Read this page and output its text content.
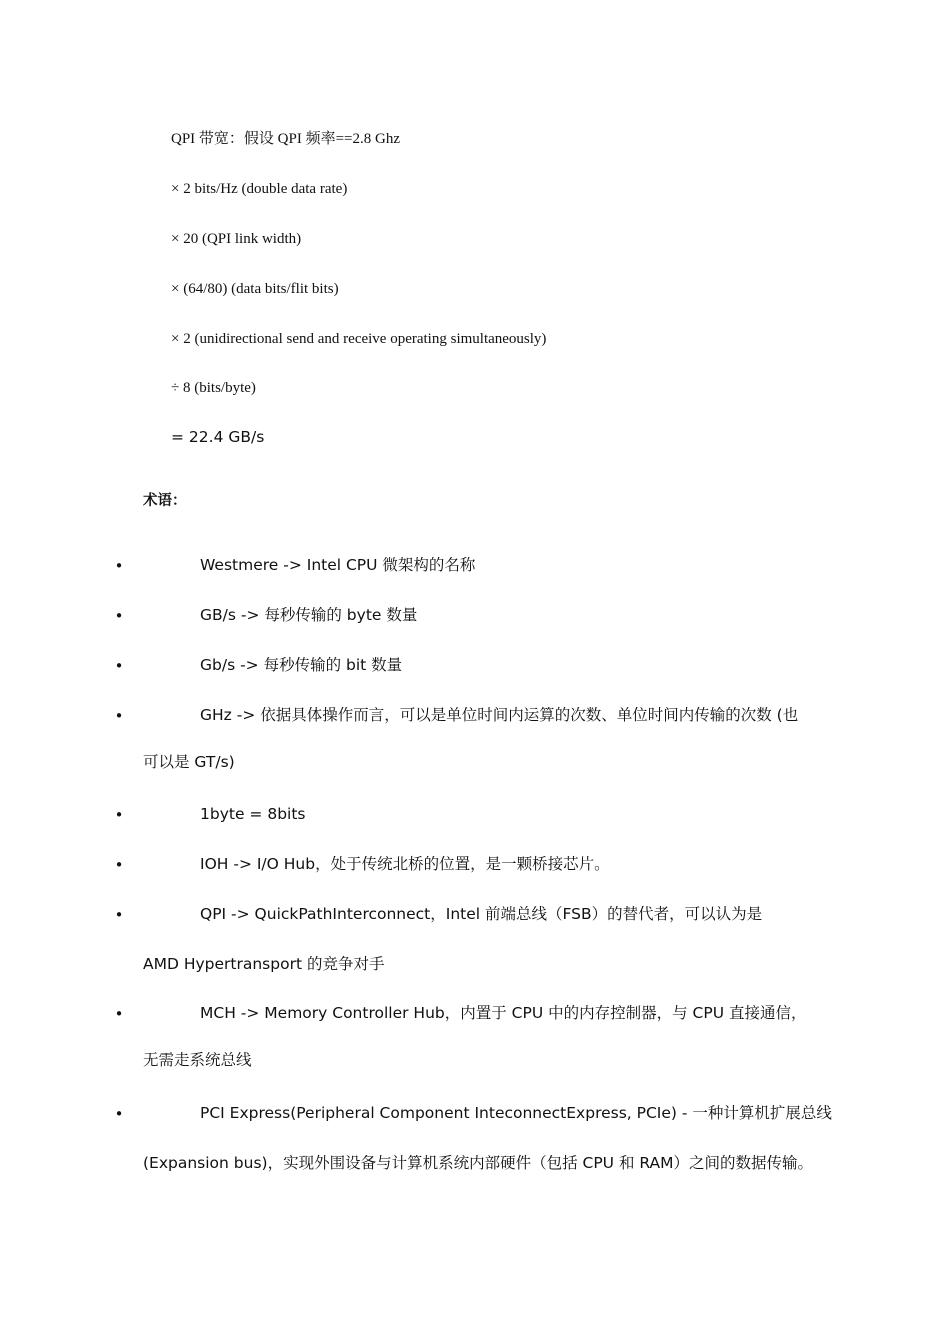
QPI 带宽：假设 QPI 频率==2.8 Ghz
× 2 bits/Hz (double data rate)
× 20 (QPI link width)
× (64/80) (data bits/flit bits)
× 2 (unidirectional send and receive operating simultaneously)
÷ 8 (bits/byte)
= 22.4 GB/s
术语：
•	Westmere -> Intel CPU 微架构的名称
•	GB/s -> 每秒传输的 byte 数量
•	Gb/s -> 每秒传输的 bit 数量
•	GHz -> 依据具体操作而言，可以是单位时间内运算的次数、单位时间内传输的次数 (也
可以是 GT/s)
•	1byte = 8bits
•	IOH -> I/O Hub，处于传统北桥的位置，是一颗桥接芯片。
•	QPI -> QuickPathInterconnect，Intel 前端总线（FSB）的替代者，可以认为是
AMD Hypertransport 的竞争对手
•	MCH -> Memory Controller Hub，内置于 CPU 中的内存控制器，与 CPU 直接通信，
无需走系统总线
•	PCI Express(Peripheral Component InteconnectExpress, PCIe) - 一种计算机扩展总线
(Expansion bus)，实现外围设备与计算机系统内部硬件（包括 CPU 和 RAM）之间的数据传输。
